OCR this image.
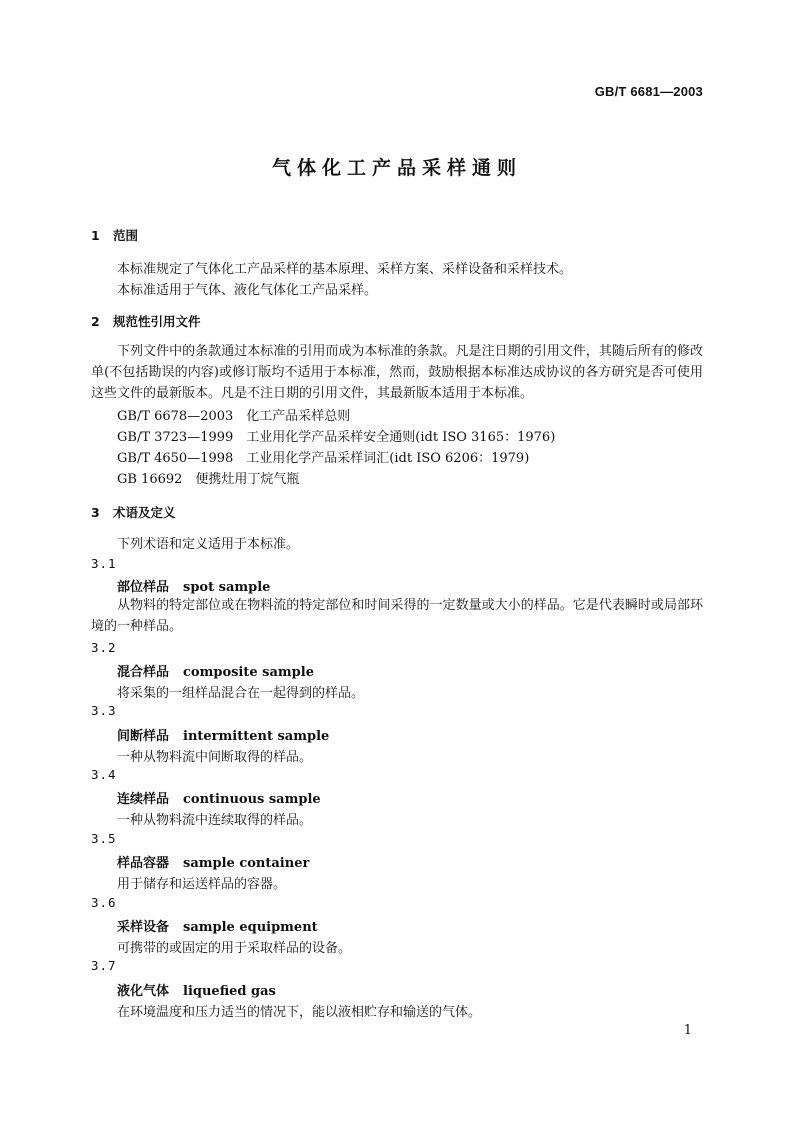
GB/T 6681—2003
气体化工产品采样通则
1 范围
本标准规定了气体化工产品采样的基本原理、采样方案、采样设备和采样技术。
本标准适用于气体、液化气体化工产品采样。
2 规范性引用文件
下列文件中的条款通过本标准的引用而成为本标准的条款。凡是注日期的引用文件，其随后所有的修改单(不包括勘误的内容)或修订版均不适用于本标准，然而，鼓励根据本标准达成协议的各方研究是否可使用这些文件的最新版本。凡是不注日期的引用文件，其最新版本适用于本标准。
GB/T 6678—2003　化工产品采样总则
GB/T 3723—1999　工业用化学产品采样安全通则(idt ISO 3165：1976)
GB/T 4650—1998　工业用化学产品采样词汇(idt ISO 6206：1979)
GB 16692　便携灶用丁烷气瓶
3 术语及定义
下列术语和定义适用于本标准。
3.1
部位样品 spot sample
从物料的特定部位或在物料流的特定部位和时间采得的一定数量或大小的样品。它是代表瞬时或局部环境的一种样品。
3.2
混合样品 composite sample
将采集的一组样品混合在一起得到的样品。
3.3
间断样品 intermittent sample
一种从物料流中间断取得的样品。
3.4
连续样品 continuous sample
一种从物料流中连续取得的样品。
3.5
样品容器 sample container
用于储存和运送样品的容器。
3.6
采样设备 sample equipment
可携带的或固定的用于采取样品的设备。
3.7
液化气体 liquefied gas
在环境温度和压力适当的情况下，能以液相贮存和输送的气体。
1
